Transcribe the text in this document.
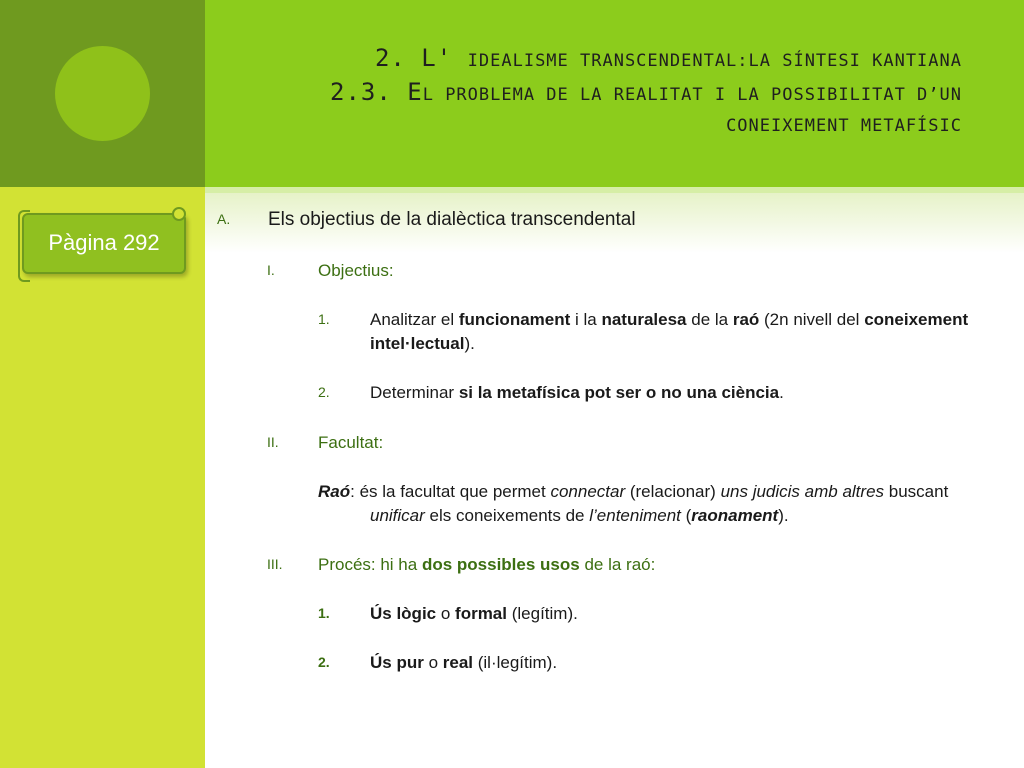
2. L' IDEALISME TRANSCENDENTAL:LA SÍNTESI KANTIANA
2.3. EL PROBLEMA DE LA REALITAT I LA POSSIBILITAT D’UN
CONEIXEMENT METAFÍSIC
Pàgina 292
A. Els objectius de la dialèctica transcendental
I.	Objectius:
1. Analitzar el funcionament i la naturalesa de la raó (2n nivell del coneixement
intel·lectual).
2. Determinar si la metafísica pot ser o no una ciència.
II. Facultat:
Raó: és la facultat que permet connectar (relacionar) uns judicis amb altres buscant
unificar els coneixements de l’enteniment (raonament).
III. Procés: hi ha dos possibles usos de la raó:
1. Ús lògic o formal (legítim).
2. Ús pur o real (il·legítim).
